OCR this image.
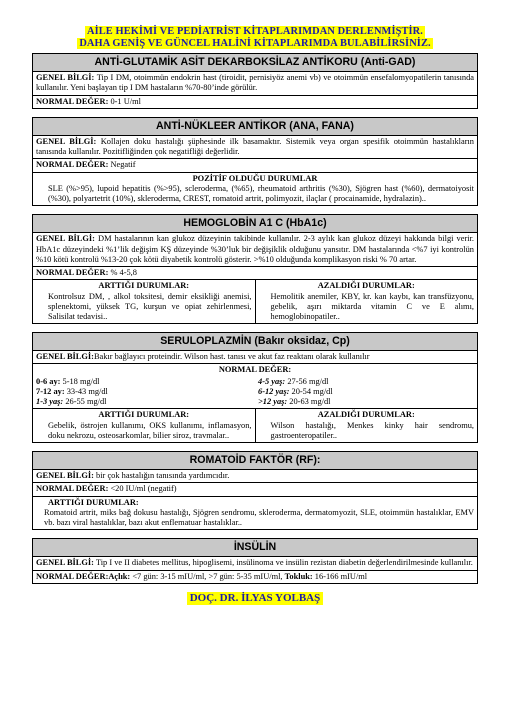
AİLE HEKİMİ VE PEDİATRİST KİTAPLARIMDAN DERLENMİŞTİR.
DAHA GENİŞ VE GÜNCEL HALİNİ KİTAPLARIMDA BULABİLİRSİNİZ.
ANTİ-GLUTAMİK ASİT DEKARBOKSİLAZ ANTİKORU (Anti-GAD)
GENEL BİLGİ: Tip I DM, otoimmün endokrin hast (tiroidit, pernisiyöz anemi vb) ve otoimmün ensefalomyopatilerin tanısında kullanılır. Yeni başlayan tip I DM hastaların %70-80’inde görülür.
NORMAL DEĞER: 0-1 U/ml
ANTİ-NÜKLEER ANTİKOR (ANA, FANA)
GENEL BİLGİ: Kollajen doku hastalığı şüphesinde ilk basamaktır. Sistemik veya organ spesifik otoimmün hastalıkların tanısında kullanılır. Pozitifliğinden çok negatifliği değerlidir.
NORMAL DEĞER: Negatif
POZİTİF OLDUĞU DURUMLAR
SLE (%>95), lupoid hepatitis (%>95), scleroderma, (%65), rheumatoid arthritis (%30), Sjögren hast (%60), dermatoiyosit (%30), polyartetrit (10%), skleroderma, CREST, romatoid artrit, polimyozit, ilaçlar ( procainamide, hydralazin)..
HEMOGLOBİN A1 C (HbA1c)
GENEL BİLGİ: DM hastalarının kan glukoz düzeyinin takibinde kullanılır. 2-3 aylık kan glukoz düzeyi hakkında bilgi verir. HbA1c düzeyindeki %1’lik değişim KŞ düzeyinde %30’luk bir değişiklik olduğunu yansıtır. DM hastalarında <%7 iyi kontrolün %10 kötü kontrolü %13-20 çok kötü diyabetik kontrolü gösterir. >%10 olduğunda komplikasyon riski % 70 artar.
NORMAL DEĞER: % 4-5,8
ARTTIĞI DURUMLAR:
Kontrolsuz DM, , alkol toksitesi, demir eksikliği anemisi, splenektomi, yüksek TG, kurşun ve opiat zehirlenmesi, Salisilat tedavisi..
AZALDIĞI DURUMLAR:
Hemolitik anemiler, KBY, kr. kan kaybı, kan transfüzyonu, gebelik, aşırı miktarda vitamin C ve E alımı, hemoglobinopatiler..
SERULOPLAZMİN (Bakır oksidaz, Cp)
GENEL BİLGİ:Bakır bağlayıcı proteindir. Wilson hast. tanısı ve akut faz reaktanı olarak kullanılır
NORMAL DEĞER:
0-6 ay: 5-18 mg/dl
7-12 ay: 33-43 mg/dl
1-3 yaş: 26-55 mg/dl
4-5 yaş: 27-56 mg/dl
6-12 yaş: 20-54 mg/dl
>12 yaş: 20-63 mg/dl
ARTTIĞI DURUMLAR:
Gebelik, östrojen kullanımı, OKS kullanımı, inflamasyon, doku nekrozu, osteosarkomlar, bilier siroz, travmalar..
AZALDIĞI DURUMLAR:
Wilson hastalığı, Menkes kinky hair sendromu, gastroenteropatiler..
ROMATOİD FAKTÖR (RF):
GENEL BİLGİ: bir çok hastalığın tanısında yardımcıdır.
NORMAL DEĞER: <20 IU/ml (negatif)
ARTTIĞI DURUMLAR:
Romatoid artrit, miks bağ dokusu hastalığı, Sjögren sendromu, skleroderma, dermatomyozit, SLE, otoimmün hastalıklar, EMV vb. bazı viral hastalıklar, bazı akut enflematuar hastalıklar..
İNSÜLİN
GENEL BİLGİ: Tip I ve II diabetes mellitus, hipoglisemi, insülinoma ve insülin rezistan diabetin değerlendirilmesinde kullanılır.
NORMAL DEĞER:Açlık: <7 gün: 3-15 mIU/ml, >7 gün: 5-35 mIU/ml, Tokluk: 16-166 mIU/ml
DOÇ. DR. İLYAS YOLBAŞ
